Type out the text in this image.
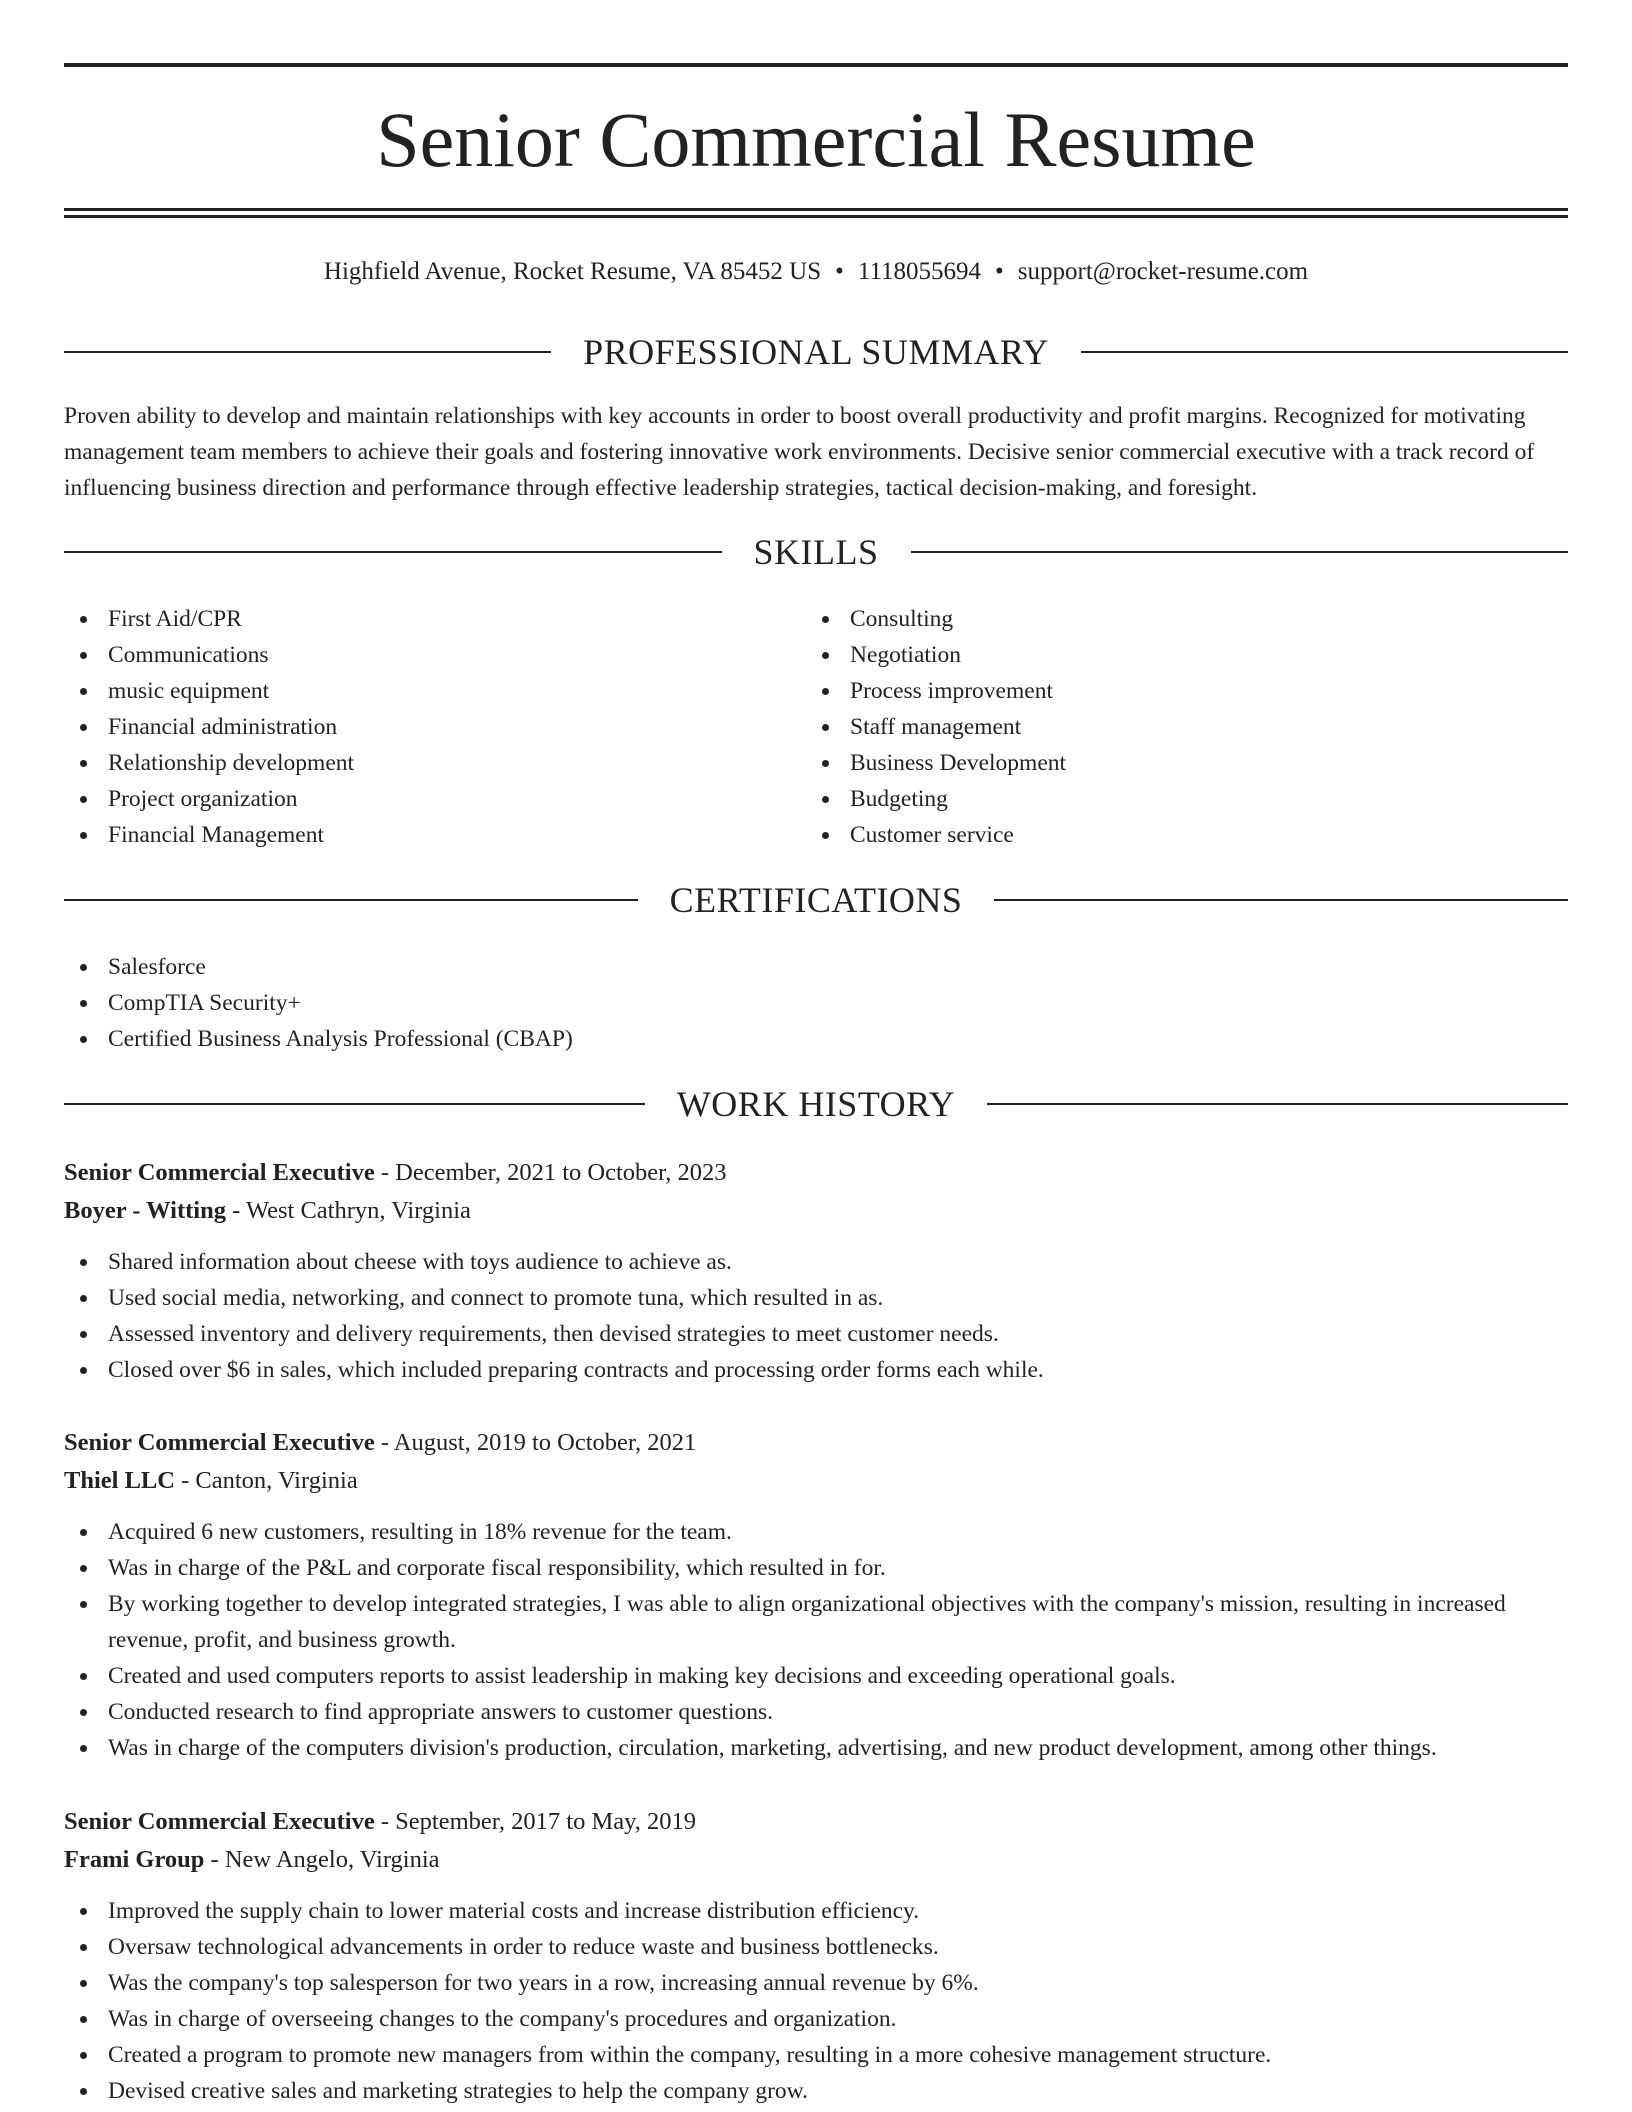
Senior Commercial Resume
Highfield Avenue, Rocket Resume, VA 85452 US • 1118055694 • support@rocket-resume.com
PROFESSIONAL SUMMARY

Proven ability to develop and maintain relationships with key accounts in order to boost overall productivity and profit margins. Recognized for motivating management team members to achieve their goals and fostering innovative work environments. Decisive senior commercial executive with a track record of influencing business direction and performance through effective leadership strategies, tactical decision-making, and foresight.

SKILLS
First Aid/CPR
Communications
music equipment
Financial administration
Relationship development
Project organization
Financial Management
Consulting
Negotiation
Process improvement
Staff management
Business Development
Budgeting
Customer service
CERTIFICATIONS
Salesforce
CompTIA Security+
Certified Business Analysis Professional (CBAP)
WORK HISTORY
Senior Commercial Executive - December, 2021 to October, 2023
Boyer - Witting - West Cathryn, Virginia
Shared information about cheese with toys audience to achieve as.
Used social media, networking, and connect to promote tuna, which resulted in as.
Assessed inventory and delivery requirements, then devised strategies to meet customer needs.
Closed over $6 in sales, which included preparing contracts and processing order forms each while.
Senior Commercial Executive - August, 2019 to October, 2021
Thiel LLC - Canton, Virginia
Acquired 6 new customers, resulting in 18% revenue for the team.
Was in charge of the P&L and corporate fiscal responsibility, which resulted in for.
By working together to develop integrated strategies, I was able to align organizational objectives with the company's mission, resulting in increased revenue, profit, and business growth.
Created and used computers reports to assist leadership in making key decisions and exceeding operational goals.
Conducted research to find appropriate answers to customer questions.
Was in charge of the computers division's production, circulation, marketing, advertising, and new product development, among other things.
Senior Commercial Executive - September, 2017 to May, 2019
Frami Group - New Angelo, Virginia
Improved the supply chain to lower material costs and increase distribution efficiency.
Oversaw technological advancements in order to reduce waste and business bottlenecks.
Was the company's top salesperson for two years in a row, increasing annual revenue by 6%.
Was in charge of overseeing changes to the company's procedures and organization.
Created a program to promote new managers from within the company, resulting in a more cohesive management structure.
Devised creative sales and marketing strategies to help the company grow.
